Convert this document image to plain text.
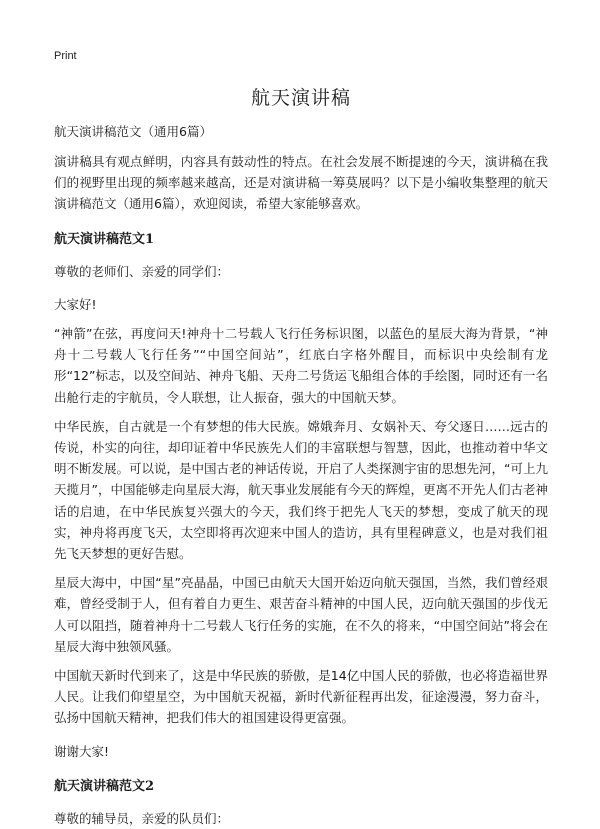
Print
航天演讲稿
航天演讲稿范文（通用6篇）

演讲稿具有观点鲜明，内容具有鼓动性的特点。在社会发展不断提速的今天，演讲稿在我们的视野里出现的频率越来越高，还是对演讲稿一筹莫展吗？以下是小编收集整理的航天演讲稿范文（通用6篇），欢迎阅读，希望大家能够喜欢。

航天演讲稿范文1

尊敬的老师们、亲爱的同学们：

大家好!

“神箭”在弦，再度问天!神舟十二号载人飞行任务标识图，以蓝色的星辰大海为背景，“神舟十二号载人飞行任务”“中国空间站”，红底白字格外醒目，而标识中央绘制有龙形“12”标志，以及空间站、神舟飞船、天舟二号货运飞船组合体的手绘图，同时还有一名出舱行走的宇航员，令人联想，让人振奋，强大的中国航天梦。

中华民族，自古就是一个有梦想的伟大民族。嫦娥奔月、女娲补天、夸父逐日……远古的传说，朴实的向往，却印证着中华民族先人们的丰富联想与智慧，因此，也推动着中华文明不断发展。可以说，是中国古老的神话传说，开启了人类探测宇宙的思想先河，“可上九天揽月”，中国能够走向星辰大海，航天事业发展能有今天的辉煌，更离不开先人们古老神话的启迪，在中华民族复兴强大的今天，我们终于把先人飞天的梦想，变成了航天的现实，神舟将再度飞天，太空即将再次迎来中国人的造访，具有里程碑意义，也是对我们祖先飞天梦想的更好告慰。

星辰大海中，中国“星”亮晶晶，中国已由航天大国开始迈向航天强国，当然，我们曾经艰难，曾经受制于人，但有着自力更生、艰苦奋斗精神的中国人民，迈向航天强国的步伐无人可以阻挡，随着神舟十二号载人飞行任务的实施，在不久的将来，“中国空间站”将会在星辰大海中独领风骚。

中国航天新时代到来了，这是中华民族的骄傲，是14亿中国人民的骄傲，也必将造福世界人民。让我们仰望星空，为中国航天祝福，新时代新征程再出发，征途漫漫，努力奋斗，弘扬中国航天精神，把我们伟大的祖国建设得更富强。

谢谢大家!

航天演讲稿范文2

尊敬的辅导员，亲爱的队员们：
